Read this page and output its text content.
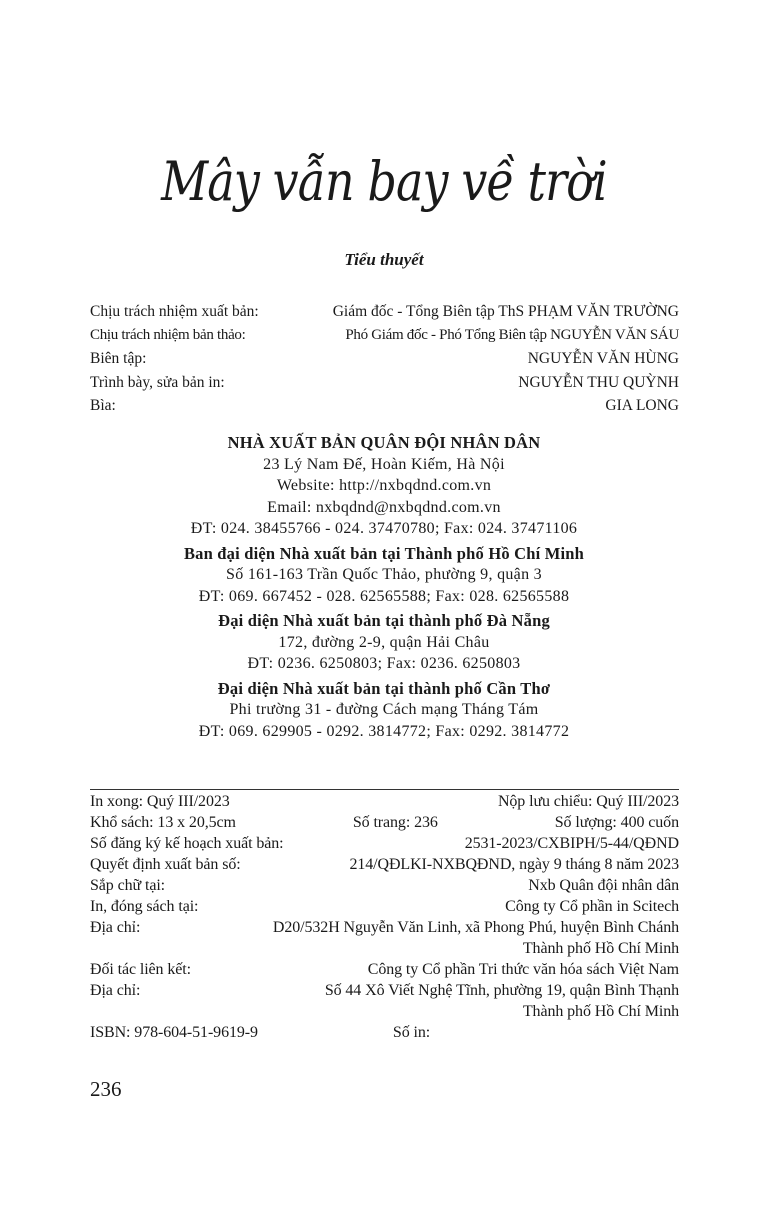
Mây vẫn bay về trời
Tiểu thuyết
Chịu trách nhiệm xuất bản:	Giám đốc - Tổng Biên tập ThS PHẠM VĂN TRƯỜNG
Chịu trách nhiệm bản thảo:	Phó Giám đốc - Phó Tổng Biên tập NGUYỄN VĂN SÁU
Biên tập:	NGUYỄN VĂN HÙNG
Trình bày, sửa bản in:	NGUYỄN THU QUỲNH
Bìa:	GIA LONG
NHÀ XUẤT BẢN QUÂN ĐỘI NHÂN DÂN
23 Lý Nam Đế, Hoàn Kiếm, Hà Nội
Website: http://nxbqdnd.com.vn
Email: nxbqdnd@nxbqdnd.com.vn
ĐT: 024. 38455766 - 024. 37470780; Fax: 024. 37471106
Ban đại diện Nhà xuất bản tại Thành phố Hồ Chí Minh
Số 161-163 Trần Quốc Thảo, phường 9, quận 3
ĐT: 069. 667452 - 028. 62565588; Fax: 028. 62565588
Đại diện Nhà xuất bản tại thành phố Đà Nẵng
172, đường 2-9, quận Hải Châu
ĐT: 0236. 6250803; Fax: 0236. 6250803
Đại diện Nhà xuất bản tại thành phố Cần Thơ
Phi trường 31 - đường Cách mạng Tháng Tám
ĐT: 069. 629905 - 0292. 3814772; Fax: 0292. 3814772
In xong: Quý III/2023	Nộp lưu chiểu: Quý III/2023
Khổ sách: 13 x 20,5cm	Số trang: 236	Số lượng: 400 cuốn
Số đăng ký kế hoạch xuất bản:	2531-2023/CXBIPH/5-44/QĐND
Quyết định xuất bản số:	214/QĐLKI-NXBQĐND, ngày 9 tháng 8 năm 2023
Sắp chữ tại:	Nxb Quân đội nhân dân
In, đóng sách tại:	Công ty Cổ phần in Scitech
Địa chỉ:	D20/532H Nguyễn Văn Linh, xã Phong Phú, huyện Bình Chánh
Thành phố Hồ Chí Minh
Đối tác liên kết:	Công ty Cổ phần Tri thức văn hóa sách Việt Nam
Địa chỉ:	Số 44 Xô Viết Nghệ Tĩnh, phường 19, quận Bình Thạnh
Thành phố Hồ Chí Minh
ISBN: 978-604-51-9619-9	Số in:
236
